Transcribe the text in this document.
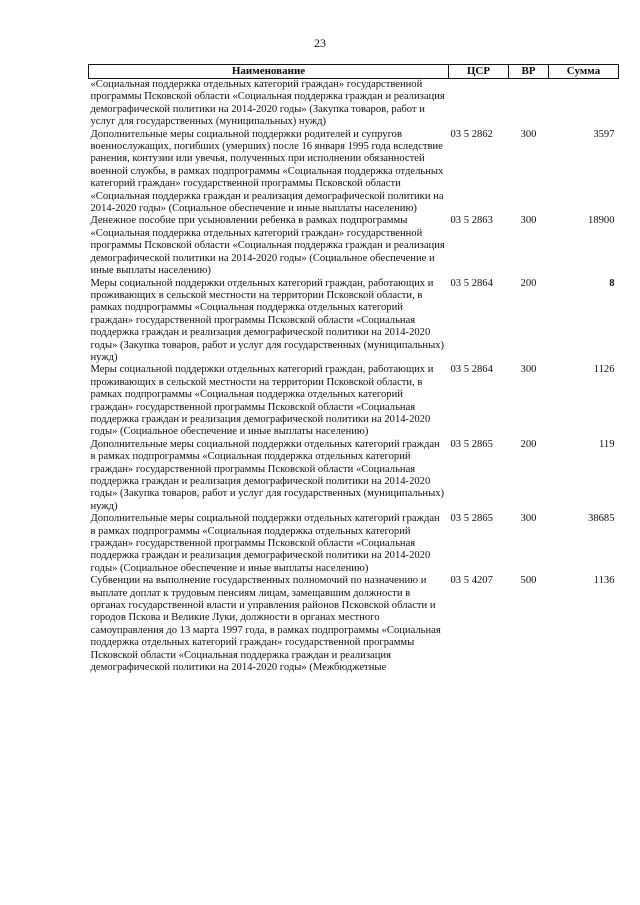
23
Наименование	ЦСР	ВР	Сумма
«Социальная поддержка отдельных категорий граждан» государственной программы Псковской области «Социальная поддержка граждан и реализация демографической политики на 2014-2020 годы» (Закупка товаров, работ и услуг для государственных (муниципальных) нужд)			
Дополнительные меры социальной поддержки родителей и супругов военнослужащих, погибших (умерших) после 16 января 1995 года вследствие ранения, контузии или увечья, полученных при исполнении обязанностей военной службы, в рамках подпрограммы «Социальная поддержка отдельных категорий граждан» государственной программы Псковской области «Социальная поддержка граждан и реализация демографической политики на 2014-2020 годы» (Социальное обеспечение и иные выплаты населению)	03 5 2862	300	3597
Денежное пособие при усыновлении ребенка в рамках подпрограммы «Социальная поддержка отдельных категорий граждан» государственной программы Псковской области «Социальная поддержка граждан и реализация демографической политики на 2014-2020 годы» (Социальное обеспечение и иные выплаты населению)	03 5 2863	300	18900
Меры социальной поддержки отдельных категорий граждан, работающих и проживающих в сельской местности на территории Псковской области, в рамках подпрограммы «Социальная поддержка отдельных категорий граждан» государственной программы Псковской области «Социальная поддержка граждан и реализация демографической политики на 2014-2020 годы» (Закупка товаров, работ и услуг для государственных (муниципальных) нужд)	03 5 2864	200	8
Меры социальной поддержки отдельных категорий граждан, работающих и проживающих в сельской местности на территории Псковской области, в рамках подпрограммы «Социальная поддержка отдельных категорий граждан» государственной программы Псковской области «Социальная поддержка граждан и реализация демографической политики на 2014-2020 годы» (Социальное обеспечение и иные выплаты населению)	03 5 2864	300	1126
Дополнительные меры социальной поддержки отдельных категорий граждан в рамках подпрограммы «Социальная поддержка отдельных категорий граждан» государственной программы Псковской области «Социальная поддержка граждан и реализация демографической политики на 2014-2020 годы» (Закупка товаров, работ и услуг для государственных (муниципальных) нужд)	03 5 2865	200	119
Дополнительные меры социальной поддержки отдельных категорий граждан в рамках подпрограммы «Социальная поддержка отдельных категорий граждан» государственной программы Псковской области «Социальная поддержка граждан и реализация демографической политики на 2014-2020 годы» (Социальное обеспечение и иные выплаты населению)	03 5 2865	300	38685
Субвенции на выполнение государственных полномочий по назначению и выплате доплат к трудовым пенсиям лицам, замещавшим должности в органах государственной власти и управления районов Псковской области и городов Пскова и Великие Луки, должности в органах местного самоуправления до 13 марта 1997 года, в рамках подпрограммы «Социальная поддержка отдельных категорий граждан» государственной программы Псковской области «Социальная поддержка граждан и реализация демографической политики на 2014-2020 годы» (Межбюджетные	03 5 4207	500	1136
